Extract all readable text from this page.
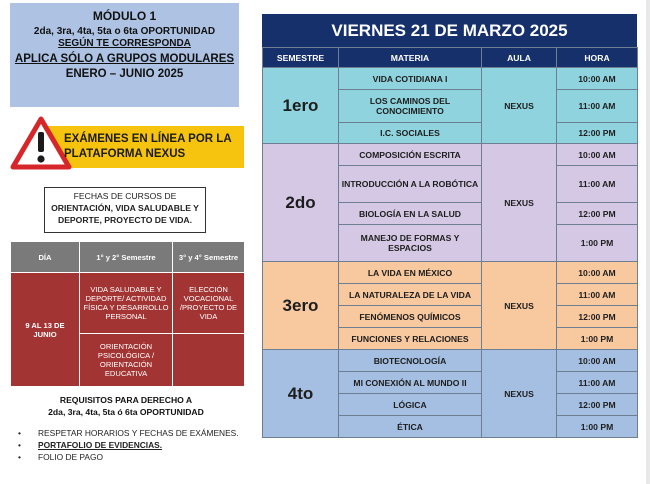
MÓDULO 1
2da, 3ra, 4ta, 5ta o 6ta OPORTUNIDAD
SEGÚN TE CORRESPONDA
APLICA SÓLO A GRUPOS MODULARES
ENERO – JUNIO 2025
EXÁMENES EN LÍNEA POR LA PLATAFORMA NEXUS
FECHAS DE CURSOS DE
ORIENTACIÓN, VIDA SALUDABLE Y DEPORTE, PROYECTO DE VIDA.
DÍA	1° y 2° Semestre	3° y 4° Semestre
9 AL 13 DE JUNIO	VIDA SALUDABLE Y DEPORTE/ ACTIVIDAD FÍSICA Y DESARROLLO PERSONAL	ELECCIÓN VOCACIONAL /PROYECTO DE VIDA
	ORIENTACIÓN PSICOLÓGICA / ORIENTACIÓN EDUCATIVA	
REQUISITOS PARA DERECHO A
2da, 3ra, 4ta, 5ta ó 6ta OPORTUNIDAD
• RESPETAR HORARIOS Y FECHAS DE EXÁMENES.
• PORTAFOLIO DE EVIDENCIAS.
• FOLIO DE PAGO
VIERNES 21 DE MARZO 2025
SEMESTRE	MATERIA	AULA	HORA
1ero	VIDA COTIDIANA I	NEXUS	10:00 AM
	LOS CAMINOS DEL CONOCIMIENTO		11:00 AM
	I.C. SOCIALES		12:00 PM
2do	COMPOSICIÓN ESCRITA	NEXUS	10:00 AM
	INTRODUCCIÓN A LA ROBÓTICA		11:00 AM
	BIOLOGÍA EN LA SALUD		12:00 PM
	MANEJO DE FORMAS Y ESPACIOS		1:00 PM
3ero	LA VIDA EN MÉXICO	NEXUS	10:00 AM
	LA NATURALEZA DE LA VIDA		11:00 AM
	FENÓMENOS QUÍMICOS		12:00 PM
	FUNCIONES Y RELACIONES		1:00 PM
4to	BIOTECNOLOGÍA	NEXUS	10:00 AM
	MI CONEXIÓN AL MUNDO II		11:00 AM
	LÓGICA		12:00 PM
	ÉTICA		1:00 PM
